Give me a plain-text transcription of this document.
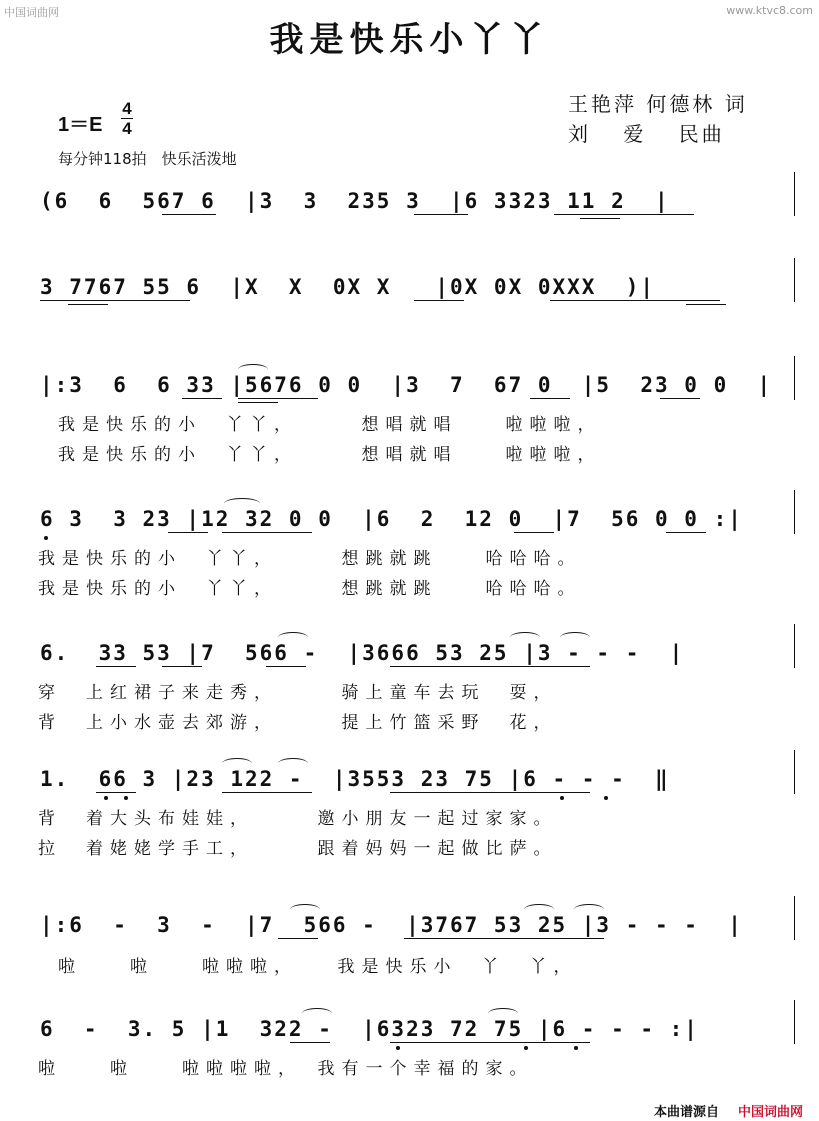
中国词曲网	www.ktvc8.com
我是快乐小丫丫
王艳萍 何德林 词
刘　 爱　 民曲
1＝E
4
4
每分钟118拍　快乐活泼地
(6  6  567 6  |3  3  235 3  |6 3323 11 2  |
3 7767 55 6  |X  X  0X X   |0X 0X 0XXX  )|
|:3  6  6 33 |5676 0 0  |3  7  67 0  |5  23 0 0  |
我是快乐的小　丫丫，　　　想唱就唱　　啦啦啦，
我是快乐的小　丫丫，　　　想唱就唱　　啦啦啦，
6 3  3 23 |12 32 0 0  |6  2  12 0  |7  56 0 0 :|
我是快乐的小　丫丫，　　　想跳就跳　　哈哈哈。
我是快乐的小　丫丫，　　　想跳就跳　　哈哈哈。
6.  33 53 |7  566 -  |3666 53 25 |3 - - -  |
穿　上红裙子来走秀，　　　骑上童车去玩　耍，
背　上小水壶去郊游，　　　提上竹篮采野　花，
1.  66 3 |23 122 -  |3553 23 75 |6 - - -  ‖
背　着大头布娃娃，　　　邀小朋友一起过家家。
拉　着姥姥学手工，　　　跟着妈妈一起做比萨。
|:6  -  3  -  |7  566 -  |3767 53 25 |3 - - -  |
啦　　啦　　啦啦啦，　　我是快乐小　丫　丫，
6  -  3. 5 |1  322 -  |6323 72 75 |6 - - - :|
啦　　啦　　啦啦啦啦，　我有一个幸福的家。
本曲谱源自 中国词曲网
